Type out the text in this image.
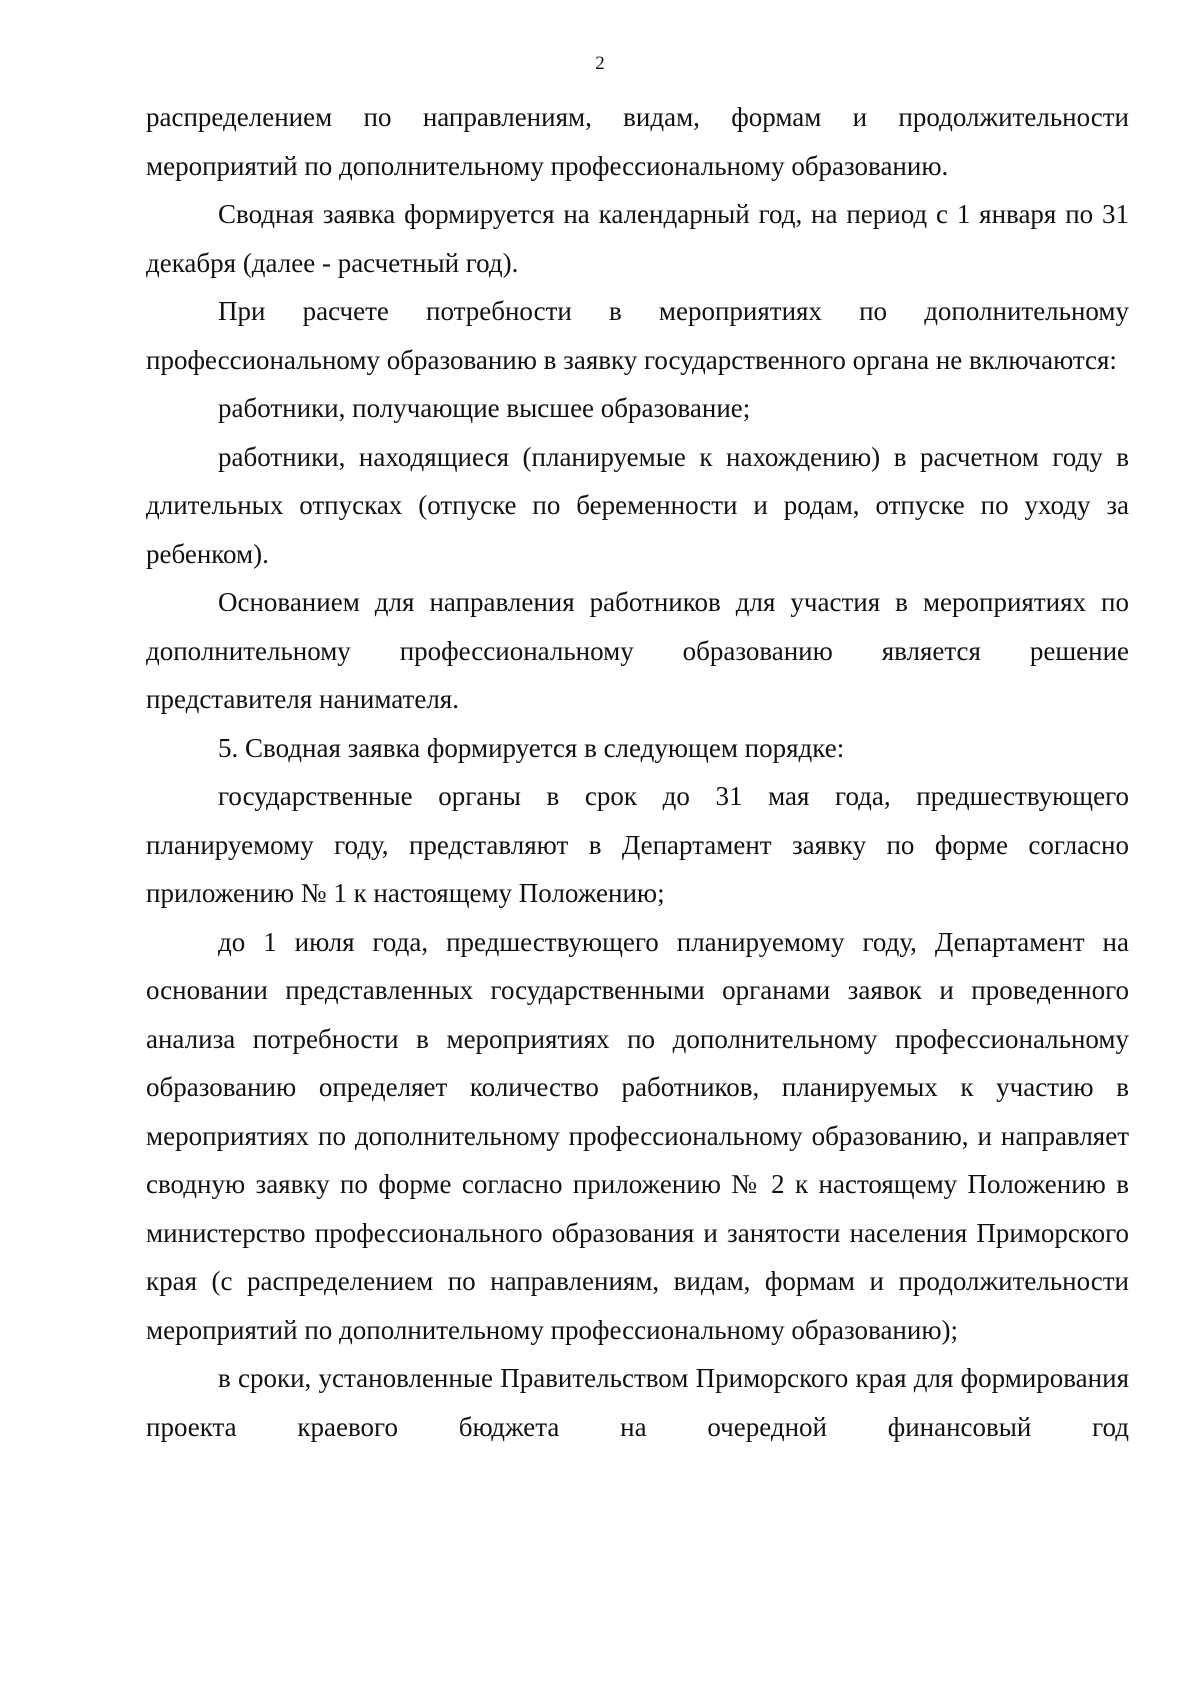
2

распределением по направлениям, видам, формам и продолжительности мероприятий по дополнительному профессиональному образованию.

Сводная заявка формируется на календарный год, на период с 1 января по 31 декабря (далее - расчетный год).

При расчете потребности в мероприятиях по дополнительному профессиональному образованию в заявку государственного органа не включаются:

работники, получающие высшее образование;

работники, находящиеся (планируемые к нахождению) в расчетном году в длительных отпусках (отпуске по беременности и родам, отпуске по уходу за ребенком).

Основанием для направления работников для участия в мероприятиях по дополнительному профессиональному образованию является решение представителя нанимателя.

5. Сводная заявка формируется в следующем порядке:

государственные органы в срок до 31 мая года, предшествующего планируемому году, представляют в Департамент заявку по форме согласно приложению № 1 к настоящему Положению;

до 1 июля года, предшествующего планируемому году, Департамент на основании представленных государственными органами заявок и проведенного анализа потребности в мероприятиях по дополнительному профессиональному образованию определяет количество работников, планируемых к участию в мероприятиях по дополнительному профессиональному образованию, и направляет сводную заявку по форме согласно приложению № 2 к настоящему Положению в министерство профессионального образования и занятости населения Приморского края (с распределением по направлениям, видам, формам и продолжительности мероприятий по дополнительному профессиональному образованию);

в сроки, установленные Правительством Приморского края для формирования проекта краевого бюджета на очередной финансовый год
